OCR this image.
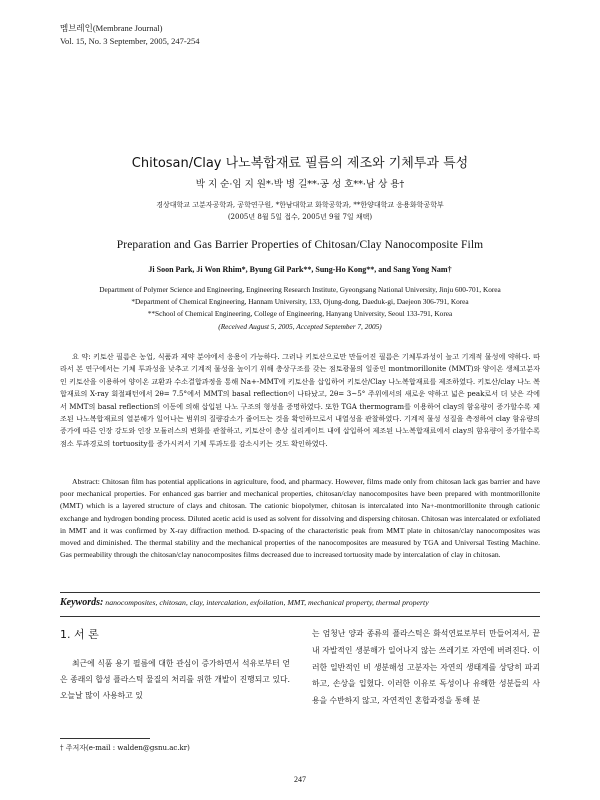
멤브레인(Membrane Journal)
Vol. 15, No. 3 September, 2005, 247-254
Chitosan/Clay 나노복합재료 필름의 제조와 기체투과 특성
박 지 순·임 지 원*·박 병 길**·공 성 호**·남 상 용†
경상대학교 고분자공학과, 공학연구원, *한남대학교 화학공학과, **한양대학교 응용화학공학부
(2005년 8월 5일 접수, 2005년 9월 7일 채택)
Preparation and Gas Barrier Properties of Chitosan/Clay Nanocomposite Film
Ji Soon Park, Ji Won Rhim*, Byung Gil Park**, Sung-Ho Kong**, and Sang Yong Nam†
Department of Polymer Science and Engineering, Engineering Research Institute, Gyeongsang National University, Jinju 600-701, Korea
*Department of Chemical Engineering, Hannam University, 133, Ojung-dong, Daeduk-gi, Daejeon 306-791, Korea
**School of Chemical Engineering, College of Engineering, Hanyang University, Seoul 133-791, Korea
(Received August 5, 2005, Accepted September 7, 2005)

요 약: 키토산 필름은 농업, 식품과 제약 분야에서 응용이 가능하다. 그러나 키토산으로만 만들어진 필름은 기체투과성이 높고 기계적 물성에 약하다. 따라서 본 연구에서는 기체 투과성을 낮추고 기계적 물성을 높이기 위해 층상구조를 갖는 점토광물의 일종인 montmorillonite (MMT)와 양이온 생체고분자인 키토산을 이용하여 양이온 교환과 수소결합과정을 통해 Na+-MMT에 키토산을 삽입하여 키토산/Clay 나노복합재료를 제조하였다. 키토산/clay 나노 복합재료의 X-ray 회절패턴에서 2θ= 7.5°에서 MMT의 basal reflection이 나타났고, 2θ= 3~5° 주위에서의 새로운 약하고 넓은 peak로서 더 낮은 각에서 MMT의 basal reflection의 이동에 의해 삽입된 나노 구조의 형성을 증명하였다. 또한 TGA thermogram를 이용하여 clay의 함유량이 증가할수록 제조된 나노복합재료의 열분해가 일어나는 범위의 질량감소가 줄어드는 것을 확인하므로서 내열성을 관찰하였다. 기계적 물성 성질을 측정하여 clay 함유량의 증가에 따른 인장 강도와 인장 모듈러스의 변화를 관찰하고, 키토산이 층상 실리케이트 내에 삽입하여 제조된 나노복합재료에서 clay의 함유량이 증가할수록 점소 투과경로의 tortuosity를 증가시켜서 기체 투과도를 감소시키는 것도 확인하였다.

Abstract: Chitosan film has potential applications in agriculture, food, and pharmacy. However, films made only from chitosan lack gas barrier and have poor mechanical properties. For enhanced gas barrier and mechanical properties, chitosan/clay nanocomposites have been prepared with montmorillonite (MMT) which is a layered structure of clays and chitosan. The cationic biopolymer, chitosan is intercalated into Na+-montmorillonite through cationic exchange and hydrogen bonding process. Diluted acetic acid is used as solvent for dissolving and dispersing chitosan. Chitosan was intercalated or exfoliated in MMT and it was confirmed by X-ray diffraction method. D-spacing of the characteristic peak from MMT plate in chitosan/clay nanocomposites was moved and diminished. The thermal stability and the mechanical properties of the nanocomposites are measured by TGA and Universal Testing Machine. Gas permeability through the chitosan/clay nanocomposites films decreased due to increased tortuosity made by intercalation of clay in chitosan.

Keywords: nanocomposites, chitosan, clay, intercalation, exfoilation, MMT, mechanical property, thermal property
1. 서 론

최근에 식품 용기 필름에 대한 관심이 증가하면서 석유로부터 얻은 종래의 합성 플라스틱 물질의 처리를 위한 개발이 진행되고 있다. 오늘날 많이 사용하고 있

는 엄청난 양과 종류의 플라스틱은 화석연료로부터 만들어져서, 끝내 자발적인 생분해가 일어나지 않는 쓰레기로 자연에 버려진다. 이러한 일반적인 비 생분해성 고분자는 자연의 생태계를 상당히 파괴하고, 손상을 입혔다. 이러한 이유로 독성이나 유해한 성분들의 사용을 수반하지 않고, 자연적인 혼합과정을 통해 분

† 주저자(e-mail : walden@gsnu.ac.kr)
247
